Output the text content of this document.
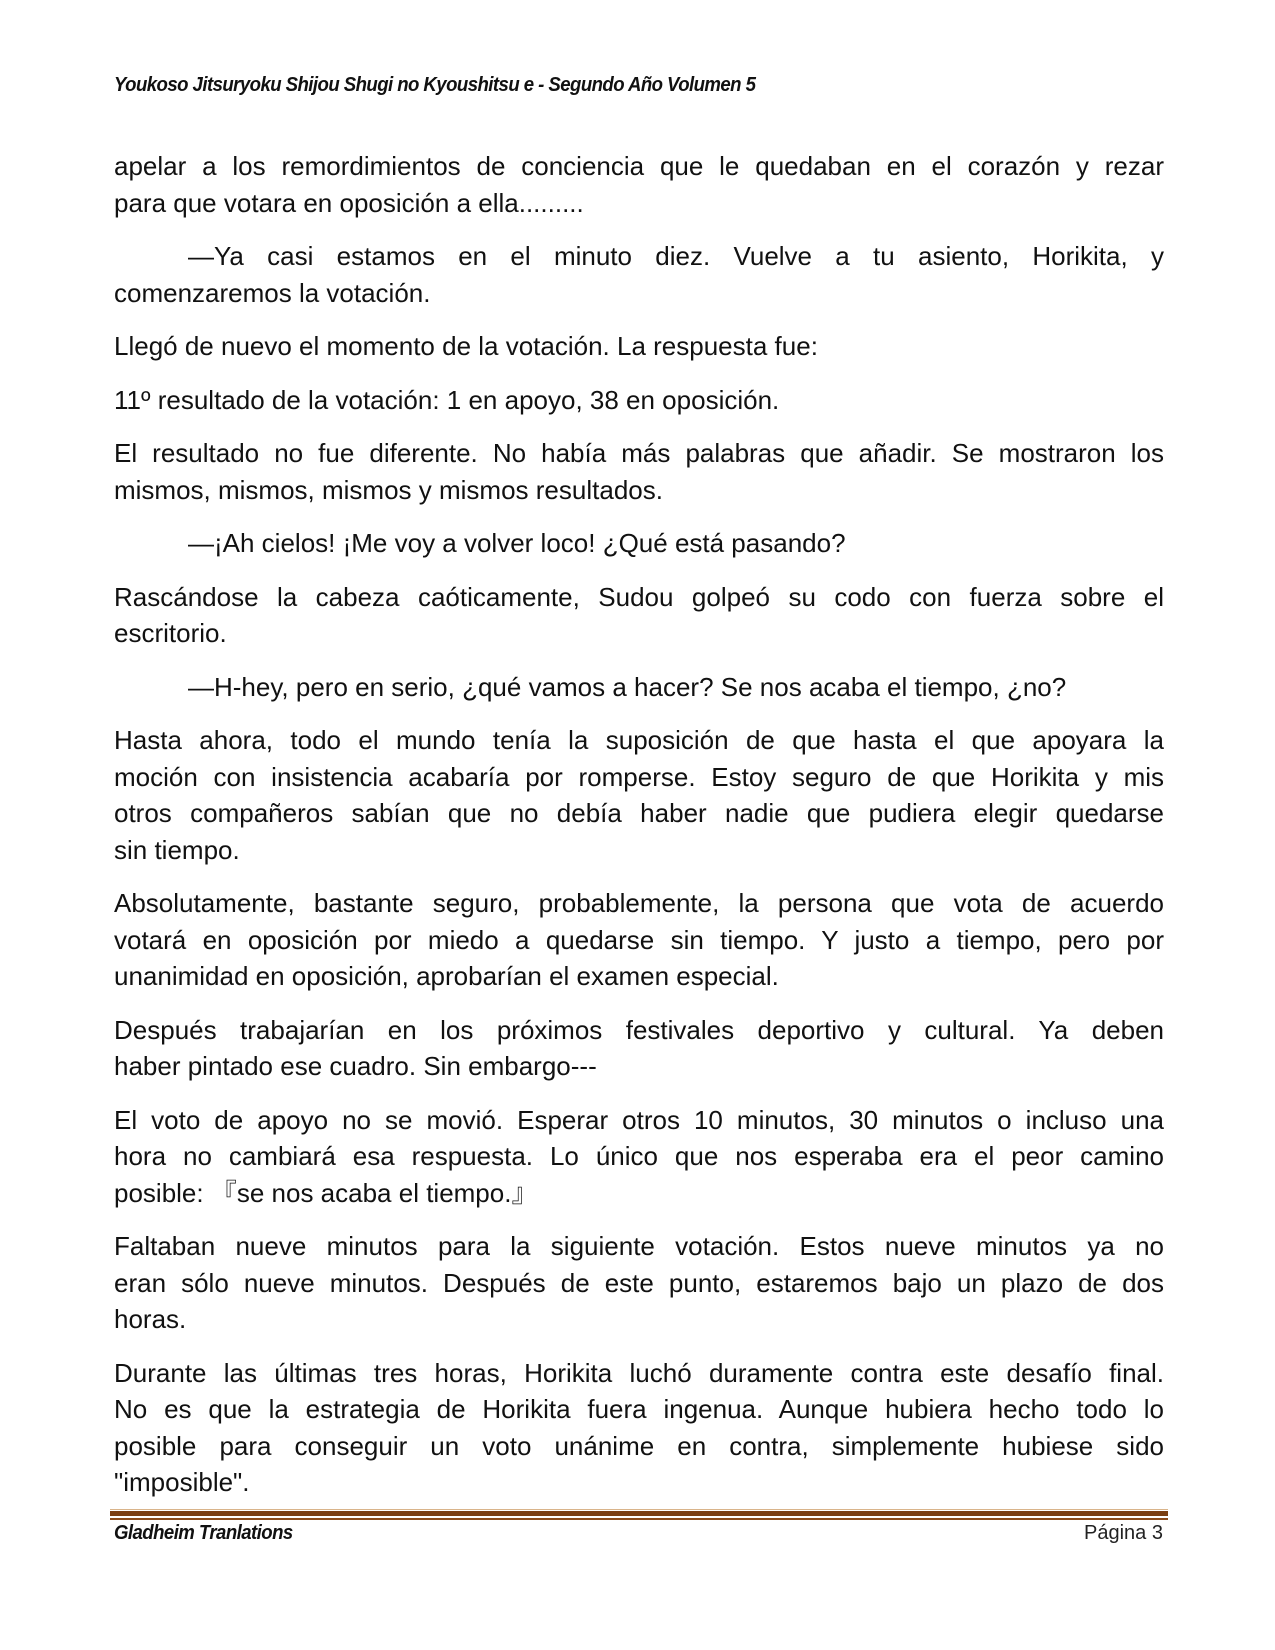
Youkoso Jitsuryoku Shijou Shugi no Kyoushitsu e - Segundo Año Volumen 5
apelar a los remordimientos de conciencia que le quedaban en el corazón y rezar
para que votara en oposición a ella.........
—Ya casi estamos en el minuto diez. Vuelve a tu asiento, Horikita, y
comenzaremos la votación.
Llegó de nuevo el momento de la votación. La respuesta fue:
11º resultado de la votación: 1 en apoyo, 38 en oposición.
El resultado no fue diferente. No había más palabras que añadir. Se mostraron los
mismos, mismos, mismos y mismos resultados.
—¡Ah cielos! ¡Me voy a volver loco! ¿Qué está pasando?
Rascándose la cabeza caóticamente, Sudou golpeó su codo con fuerza sobre el
escritorio.
—H-hey, pero en serio, ¿qué vamos a hacer? Se nos acaba el tiempo, ¿no?
Hasta ahora, todo el mundo tenía la suposición de que hasta el que apoyara la
moción con insistencia acabaría por romperse. Estoy seguro de que Horikita y mis
otros compañeros sabían que no debía haber nadie que pudiera elegir quedarse
sin tiempo.
Absolutamente, bastante seguro, probablemente, la persona que vota de acuerdo
votará en oposición por miedo a quedarse sin tiempo. Y justo a tiempo, pero por
unanimidad en oposición, aprobarían el examen especial.
Después trabajarían en los próximos festivales deportivo y cultural. Ya deben
haber pintado ese cuadro. Sin embargo---
El voto de apoyo no se movió. Esperar otros 10 minutos, 30 minutos o incluso una
hora no cambiará esa respuesta. Lo único que nos esperaba era el peor camino
posible: 『se nos acaba el tiempo.』
Faltaban nueve minutos para la siguiente votación. Estos nueve minutos ya no
eran sólo nueve minutos. Después de este punto, estaremos bajo un plazo de dos
horas.
Durante las últimas tres horas, Horikita luchó duramente contra este desafío final.
No es que la estrategia de Horikita fuera ingenua. Aunque hubiera hecho todo lo
posible para conseguir un voto unánime en contra, simplemente hubiese sido
"imposible".
Gladheim Tranlations	Página 3
